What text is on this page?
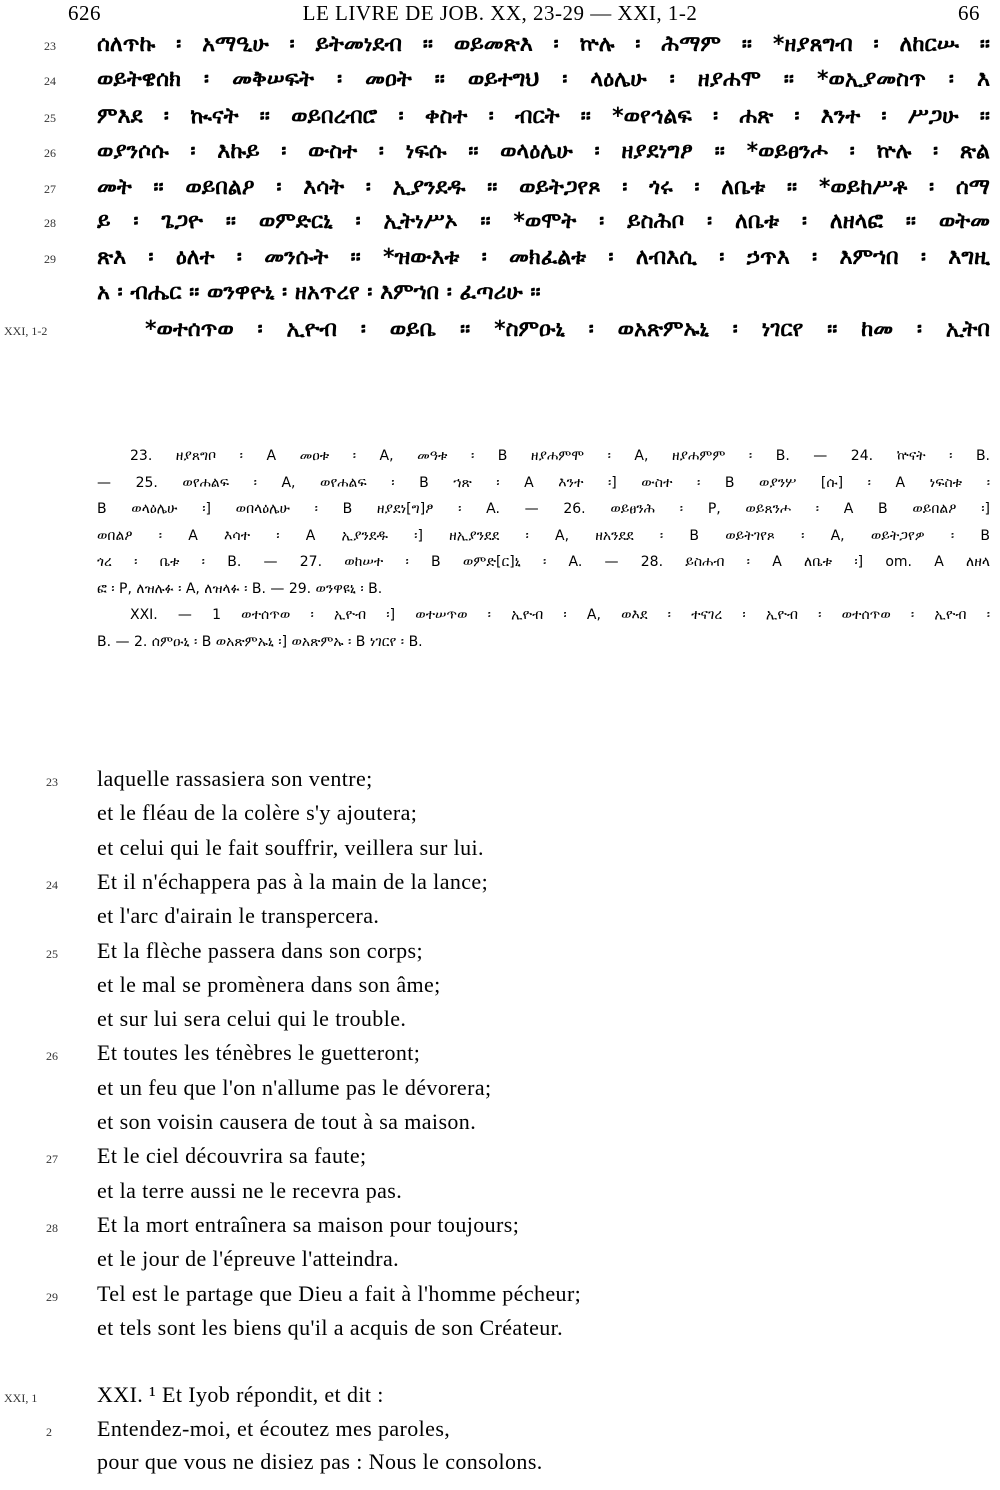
626	LE LIVRE DE JOB. XX, 23-29 — XXI, 1-2	66
23 ሰለጥኩ ፡ አማዒሁ ፡ ይትመነደብ ። ወይመጽእ ፡ ኵሉ ፡ ሕማም ። *ዘያጸግብ ፡ ለከርሡ ።
24 ወይትዌሰክ ፡ መቅሠፍት ፡ መዐት ። ወይተግህ ፡ ላዕሌሁ ፡ ዘያሐሞ ። *ወኢያመስጥ ፡ እ
25 ምእደ ፡ ኲናት ። ወይበረብሮ ፡ ቀስተ ፡ ብርት ። *ወየኅልፍ ፡ ሐጽ ፡ እንተ ፡ ሥጋሁ ።
26 ወያንሶሱ ፡ እኩይ ፡ ውስተ ፡ ነፍሱ ። ወላዕሌሁ ፡ ዘያደነግፆ ። *ወይፀንሖ ፡ ኵሉ ፡ ጽል
27 መት ። ወይበልዖ ፡ እሳት ፡ ኢያንደዱ ። ወይትጋየጾ ፡ ጎሩ ፡ ለቤቱ ። *ወይከሥቶ ፡ ሰማ
28 ይ ፡ ጌጋዮ ። ወምድርኒ ፡ ኢትነሥኦ ። *ወሞት ፡ ይስሕቦ ፡ ለቤቱ ፡ ለዘላፎ ። ወትመ
29 ጽእ ፡ ዕለተ ፡ መንሱት ። *ዝውእቱ ፡ መክፈልቱ ፡ ለብእሲ ፡ ኃጥእ ፡ እምኀበ ፡ እግዚ
አ ፡ ብሔር ። ወንዋዮኒ ፡ ዘአጥረየ ፡ እምኀበ ፡ ፈጣሪሁ ።
XXI, 1-2	*ወተሰጥወ ፡ ኢዮብ ፡ ወይቤ ። *ስምዑኒ ፡ ወአጽምኡኒ ፡ ነገርየ ። ከመ ፡ ኢትበ
23. ዘያጸግቦ ፡ A መዐቱ ፡ A, መዓቱ ፡ B ዘያሐምሞ ፡ A, ዘያሐምም ፡ B. — 24. ኵናት ፡ B.
— 25. ወየሐልፍ ፡ A, ወየሐልፍ ፡ B ኀጽ ፡ A እንተ ፡] ውስተ ፡ B ወያንሦ [ሱ] ፡ A ነፍስቱ ፡
B ወላዕሌሁ ፡] ወበላዕሌሁ ፡ B ዘያደነ[ግ]ፆ ፡ A. — 26. ወይፀንሕ ፡ P, ወይጸንሖ ፡ A B ወይበልዖ ፡]
ወበልዖ ፡ A እሳተ ፡ A ኢያንደዱ ፡] ዘኢያንደደ ፡ A, ዘአንደደ ፡ B ወይትገየጾ ፡ A, ወይትጋየዎ ፡ B
ጎረ ፡ ቤቱ ፡ B. — 27. ወከሠተ ፡ B ወምድ[ር]ኒ ፡ A. — 28. ይስሐብ ፡ A ለቤቱ ፡] om. A ለዘላ
ፎ ፡ P, ለዝሉፉ ፡ A, ለዝላፉ ፡ B. — 29. ወንዋዩኒ ፡ B.
XXI. — 1 ወተሰጥወ ፡ ኢዮብ ፡] ወተሠጥወ ፡ ኢዮብ ፡ A, ወእደ ፡ ተናገረ ፡ ኢዮብ ፡ ወተሰጥወ ፡ ኢዮብ ፡
B. — 2. ሰምዑኒ ፡ B ወአጽምኡኒ ፡] ወአጽምኡ ፡ B ነገርየ ፡ B.
23 laquelle rassasiera son ventre;
et le fléau de la colère s'y ajoutera;
et celui qui le fait souffrir, veillera sur lui.
24 Et il n'échappera pas à la main de la lance;
et l'arc d'airain le transpercera.
25 Et la flèche passera dans son corps;
et le mal se promènera dans son âme;
et sur lui sera celui qui le trouble.
26 Et toutes les ténèbres le guetteront;
et un feu que l'on n'allume pas le dévorera;
et son voisin causera de tout à sa maison.
27 Et le ciel découvrira sa faute;
et la terre aussi ne le recevra pas.
28 Et la mort entraînera sa maison pour toujours;
et le jour de l'épreuve l'atteindra.
29 Tel est le partage que Dieu a fait à l'homme pécheur;
et tels sont les biens qu'il a acquis de son Créateur.
XXI, 1	XXI. ¹ Et Iyob répondit, et dit :
2 Entendez-moi, et écoutez mes paroles,
pour que vous ne disiez pas : Nous le consolons.
